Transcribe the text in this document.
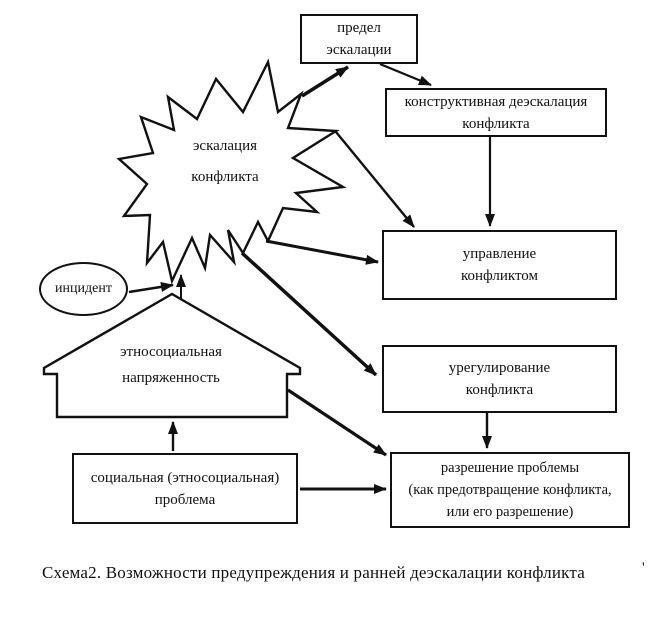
предел
эскалации
конструктивная деэскалация
конфликта
управление
конфликтом
урегулирование
конфликта
социальная (этносоциальная)
проблема
разрешение проблемы
(как предотвращение конфликта,
или его разрешение)
инцидент
эскалация
конфликта
этносоциальная
напряженность
Схема2. Возможности предупреждения и ранней деэскалации конфликта	'
